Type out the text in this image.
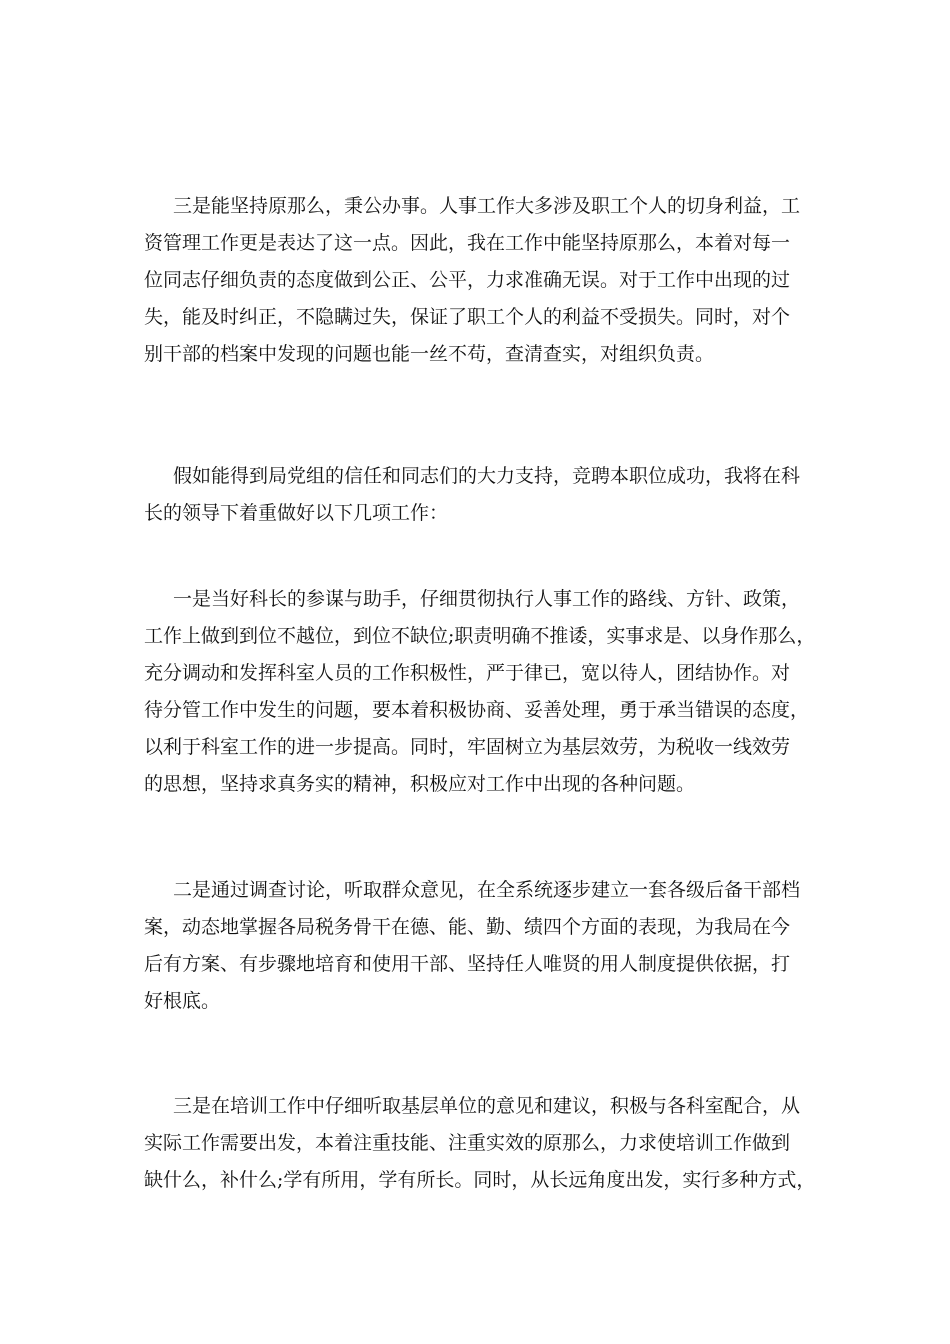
三是能坚持原那么，秉公办事。人事工作大多涉及职工个人的切身利益，工
资管理工作更是表达了这一点。因此，我在工作中能坚持原那么，本着对每一
位同志仔细负责的态度做到公正、公平，力求准确无误。对于工作中出现的过
失，能及时纠正，不隐瞒过失，保证了职工个人的利益不受损失。同时，对个
别干部的档案中发现的问题也能一丝不苟，查清查实，对组织负责。
假如能得到局党组的信任和同志们的大力支持，竞聘本职位成功，我将在科
长的领导下着重做好以下几项工作：
一是当好科长的参谋与助手，仔细贯彻执行人事工作的路线、方针、政策，
工作上做到到位不越位，到位不缺位;职责明确不推诿，实事求是、以身作那么，
充分调动和发挥科室人员的工作积极性，严于律已，宽以待人，团结协作。对
待分管工作中发生的问题，要本着积极协商、妥善处理，勇于承当错误的态度，
以利于科室工作的进一步提高。同时，牢固树立为基层效劳，为税收一线效劳
的思想，坚持求真务实的精神，积极应对工作中出现的各种问题。
二是通过调查讨论，听取群众意见，在全系统逐步建立一套各级后备干部档
案，动态地掌握各局税务骨干在德、能、勤、绩四个方面的表现，为我局在今
后有方案、有步骤地培育和使用干部、坚持任人唯贤的用人制度提供依据，打
好根底。
三是在培训工作中仔细听取基层单位的意见和建议，积极与各科室配合，从
实际工作需要出发，本着注重技能、注重实效的原那么，力求使培训工作做到
缺什么，补什么;学有所用，学有所长。同时，从长远角度出发，实行多种方式，
